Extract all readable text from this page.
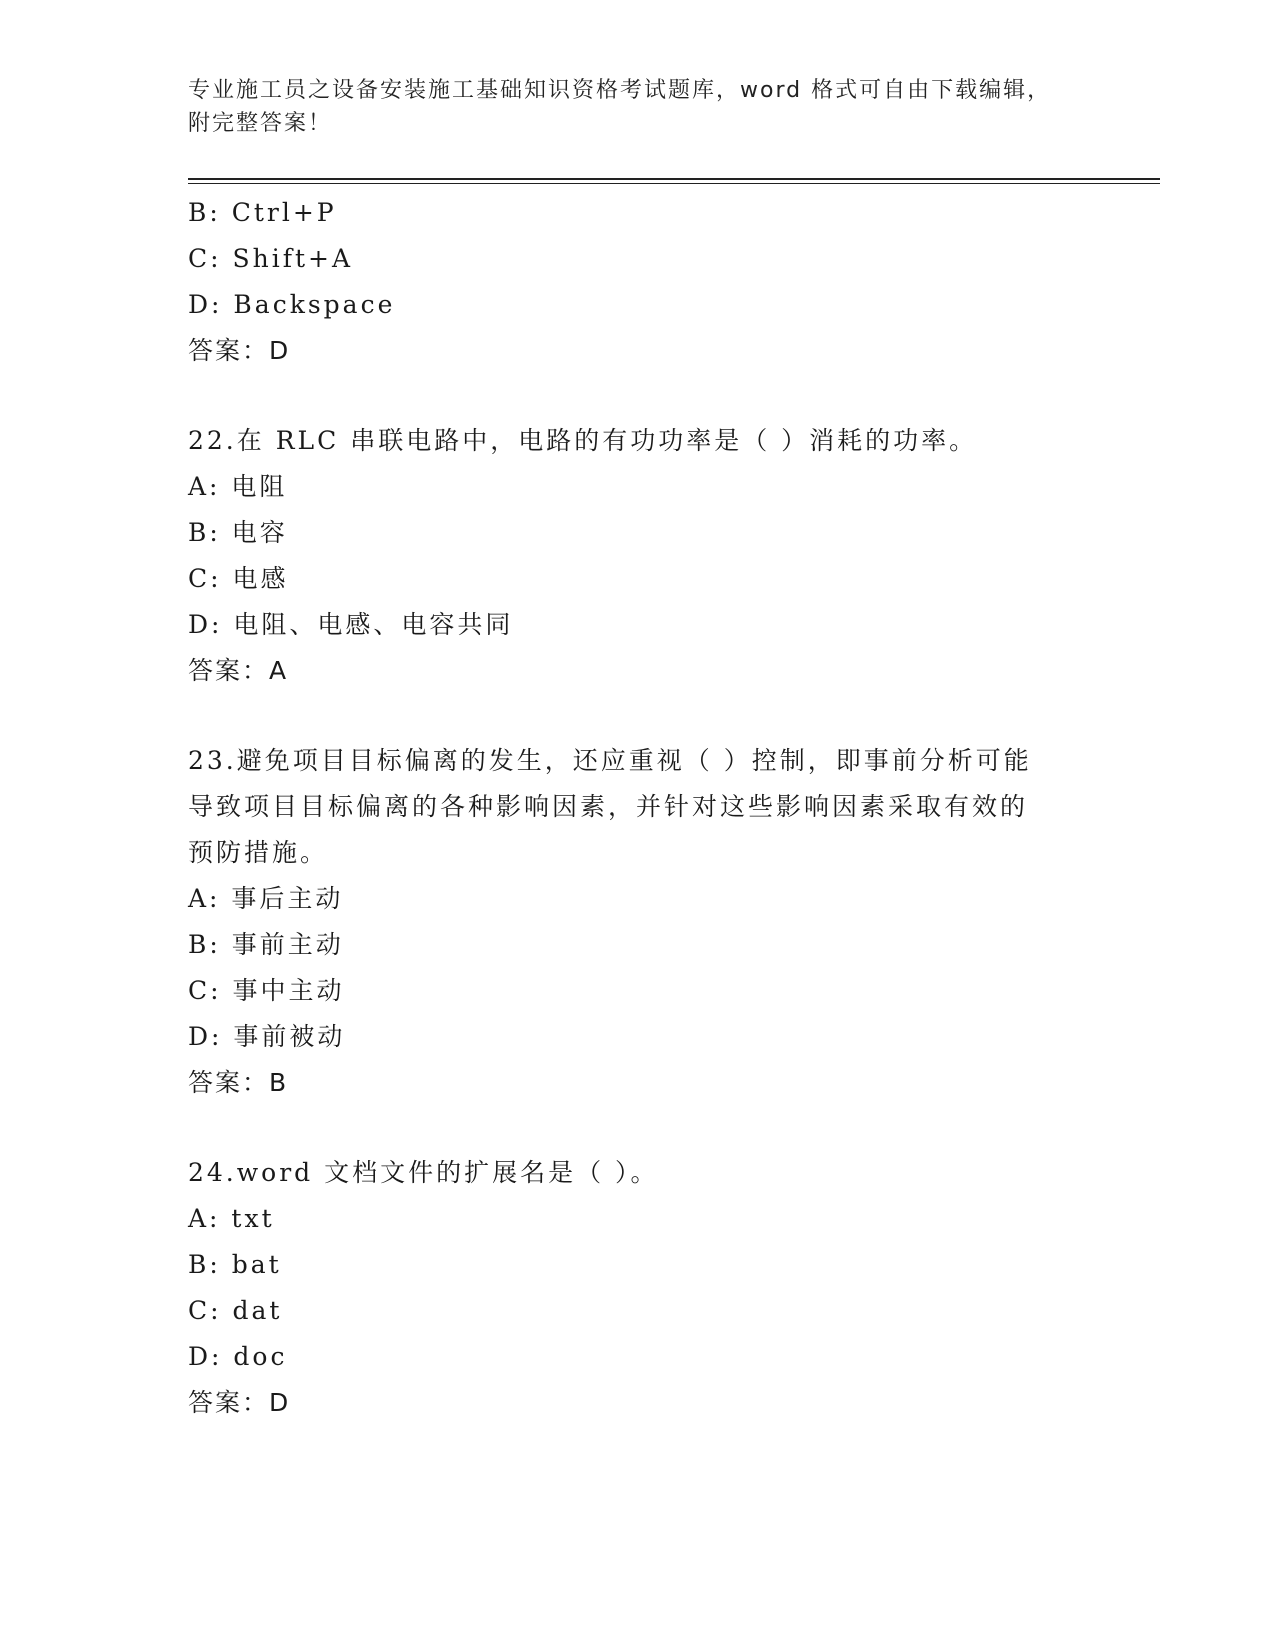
专业施工员之设备安装施工基础知识资格考试题库，word 格式可自由下载编辑，
附完整答案！
B: Ctrl+P
C: Shift+A
D: Backspace
答案：D
22.在 RLC 串联电路中，电路的有功功率是（ ）消耗的功率。
A: 电阻
B: 电容
C: 电感
D: 电阻、电感、电容共同
答案：A
23.避免项目目标偏离的发生，还应重视（ ）控制，即事前分析可能
导致项目目标偏离的各种影响因素，并针对这些影响因素采取有效的
预防措施。
A: 事后主动
B: 事前主动
C: 事中主动
D: 事前被动
答案：B
24.word 文档文件的扩展名是（ ）。
A: txt
B: bat
C: dat
D: doc
答案：D
